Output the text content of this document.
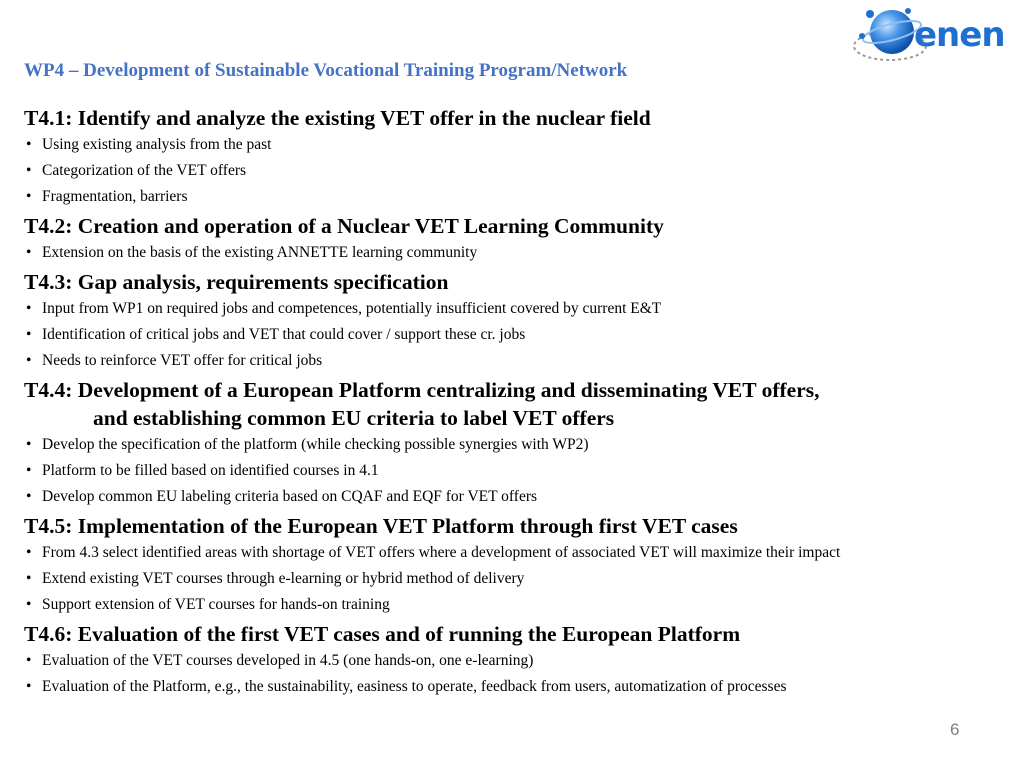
enen
WP4 – Development of Sustainable Vocational Training Program/Network
T4.1: Identify and analyze the existing VET offer in the nuclear field
• Using existing analysis from the past
• Categorization of the VET offers
• Fragmentation, barriers
T4.2: Creation and operation of a Nuclear VET Learning Community
• Extension on the basis of the existing ANNETTE learning community
T4.3: Gap analysis, requirements specification
• Input from WP1 on required jobs and competences, potentially insufficient covered by current E&T
• Identification of critical jobs and VET that could cover / support these cr. jobs
• Needs to reinforce VET offer for critical jobs
T4.4: Development of a European Platform centralizing and disseminating VET offers,
and establishing common EU criteria to label VET offers
• Develop the specification of the platform (while checking possible synergies with WP2)
• Platform to be filled based on identified courses in 4.1
• Develop common EU labeling criteria based on CQAF and EQF for VET offers
T4.5: Implementation of the European VET Platform through first VET cases
• From 4.3 select identified areas with shortage of VET offers where a development of associated VET will maximize their impact
• Extend existing VET courses through e-learning or hybrid method of delivery
• Support extension of VET courses for hands-on training
T4.6: Evaluation of the first VET cases and of running the European Platform
• Evaluation of the VET courses developed in 4.5 (one hands-on, one e-learning)
• Evaluation of the Platform, e.g., the sustainability, easiness to operate, feedback from users, automatization of processes
6
